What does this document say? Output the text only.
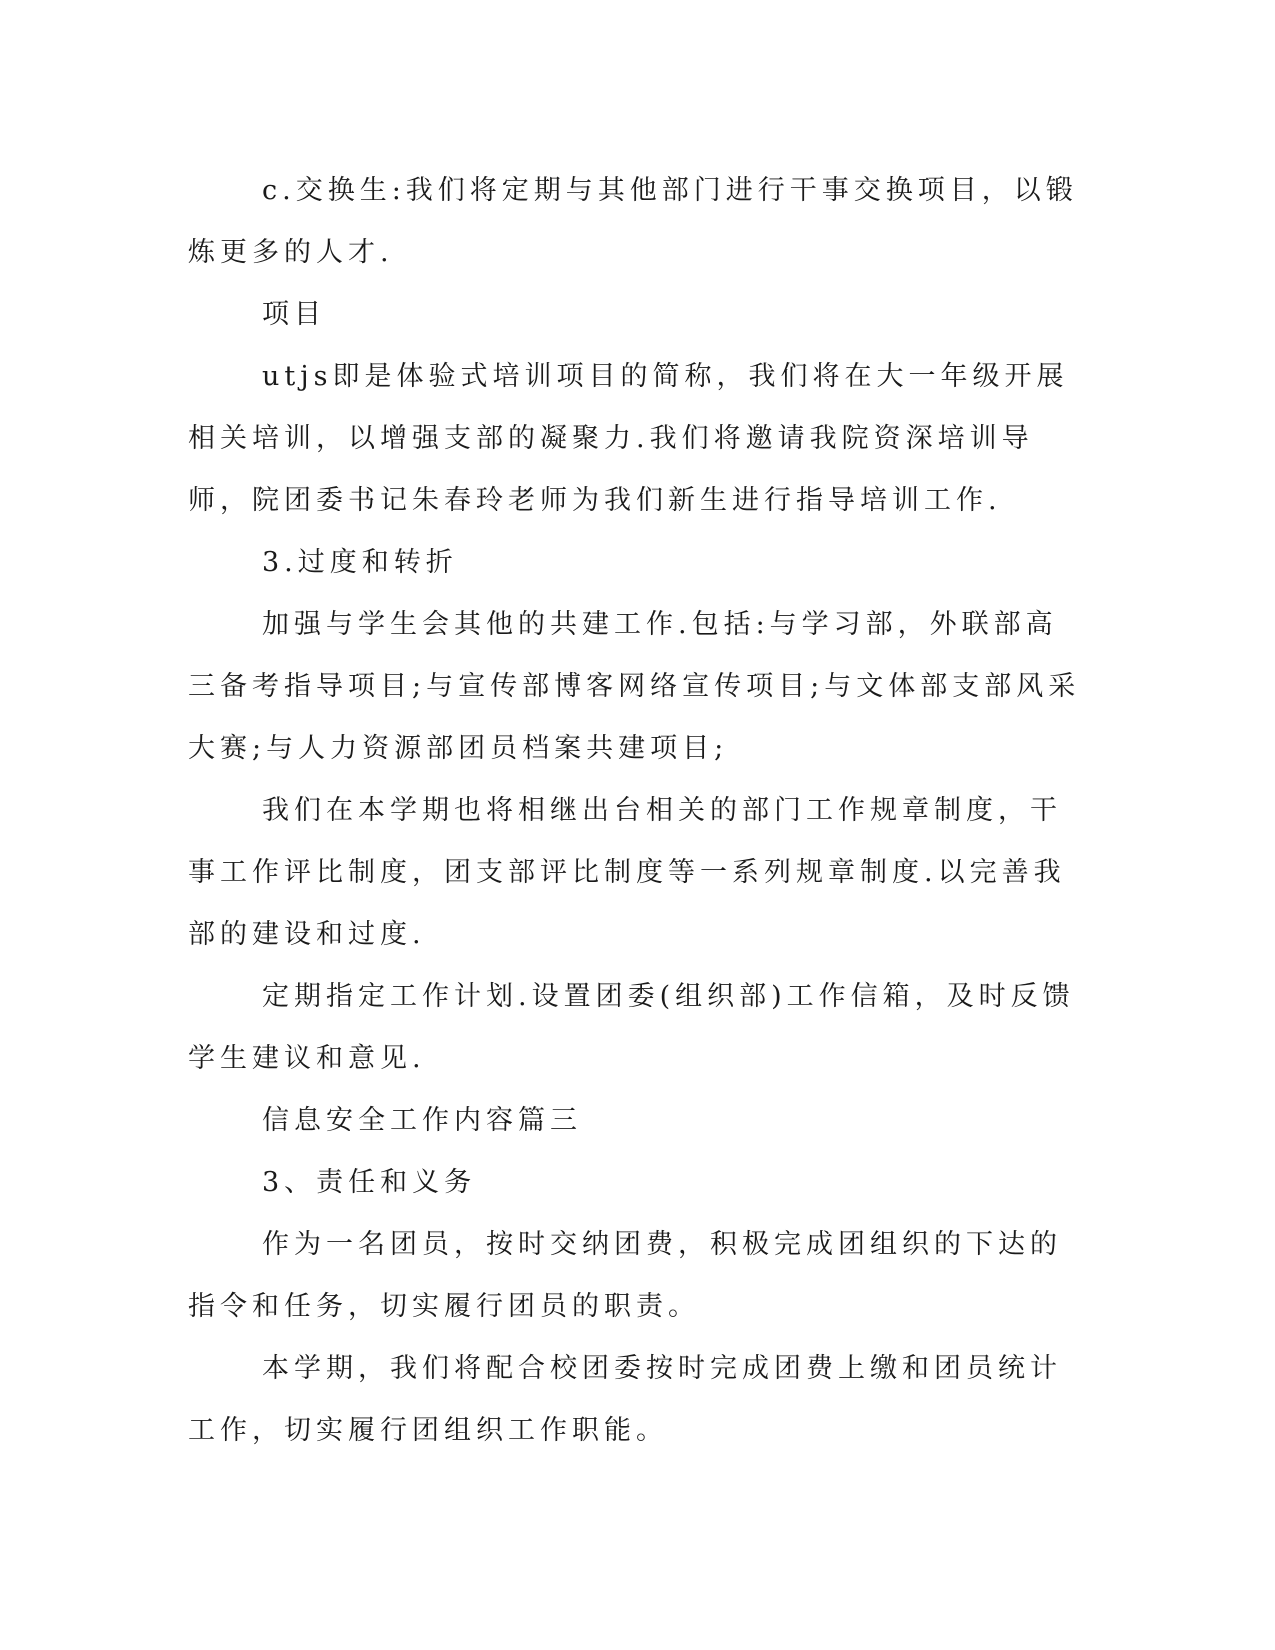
c.交换生:我们将定期与其他部门进行干事交换项目，以锻炼更多的人才.

项目

utjs即是体验式培训项目的简称，我们将在大一年级开展相关培训，以增强支部的凝聚力.我们将邀请我院资深培训导师，院团委书记朱春玲老师为我们新生进行指导培训工作.

3.过度和转折

加强与学生会其他的共建工作.包括:与学习部，外联部高三备考指导项目;与宣传部博客网络宣传项目;与文体部支部风采大赛;与人力资源部团员档案共建项目;

我们在本学期也将相继出台相关的部门工作规章制度，干事工作评比制度，团支部评比制度等一系列规章制度.以完善我部的建设和过度.

定期指定工作计划.设置团委(组织部)工作信箱，及时反馈学生建议和意见.

信息安全工作内容篇三

3、责任和义务

作为一名团员，按时交纳团费，积极完成团组织的下达的指令和任务，切实履行团员的职责。

本学期，我们将配合校团委按时完成团费上缴和团员统计工作，切实履行团组织工作职能。
